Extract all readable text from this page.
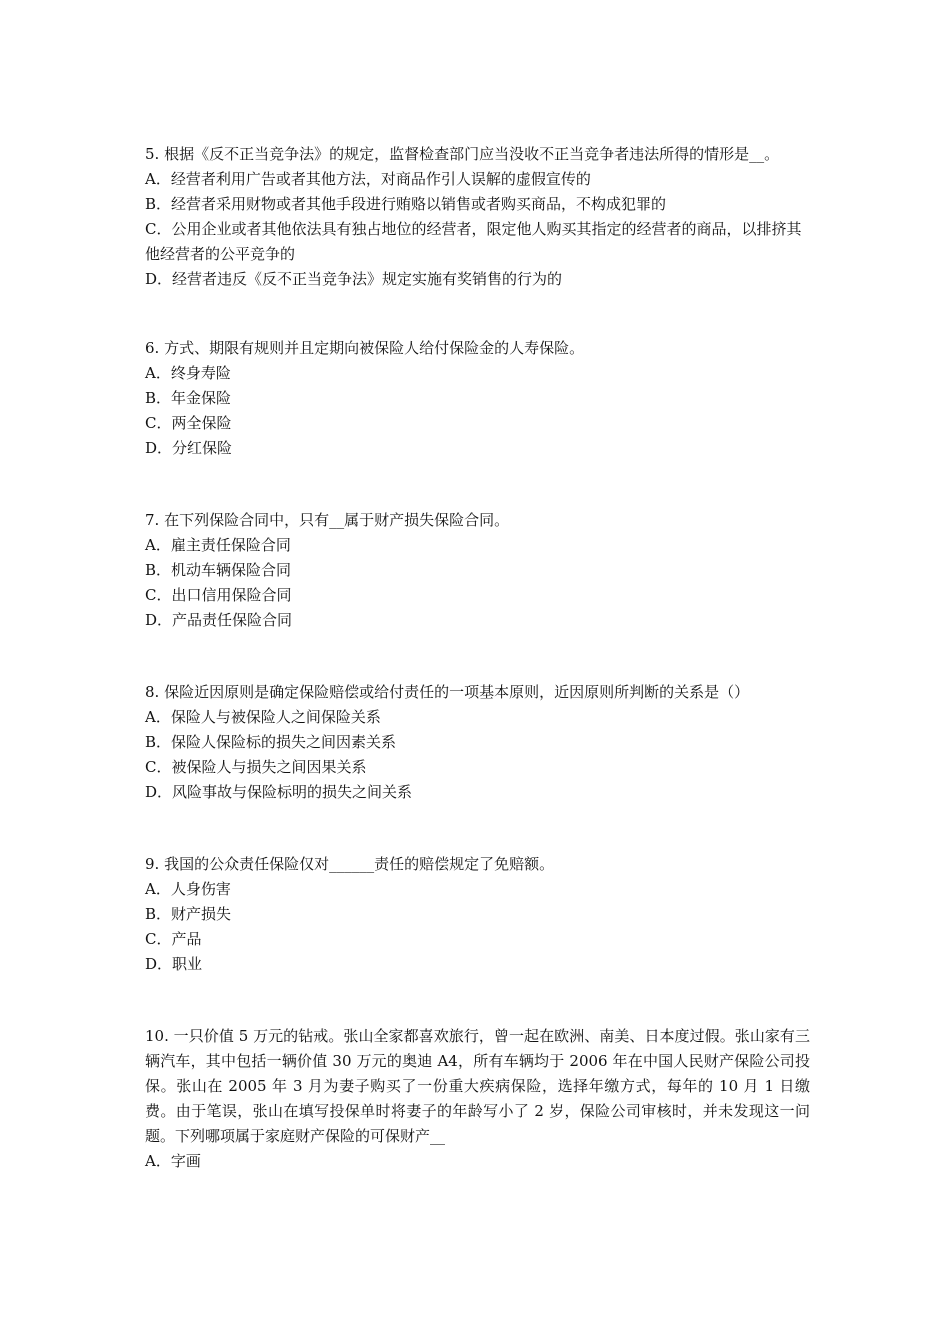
5. 根据《反不正当竞争法》的规定，监督检查部门应当没收不正当竞争者违法所得的情形是__。

A．经营者利用广告或者其他方法，对商品作引人误解的虚假宣传的

B．经营者采用财物或者其他手段进行贿赂以销售或者购买商品，不构成犯罪的

C．公用企业或者其他依法具有独占地位的经营者，限定他人购买其指定的经营者的商品，以排挤其他经营者的公平竞争的

D．经营者违反《反不正当竞争法》规定实施有奖销售的行为的

6. 方式、期限有规则并且定期向被保险人给付保险金的人寿保险。

A．终身寿险

B．年金保险

C．两全保险

D．分红保险

7. 在下列保险合同中，只有__属于财产损失保险合同。

A．雇主责任保险合同

B．机动车辆保险合同

C．出口信用保险合同

D．产品责任保险合同

8. 保险近因原则是确定保险赔偿或给付责任的一项基本原则，近因原则所判断的关系是（）

A．保险人与被保险人之间保险关系

B．保险人保险标的损失之间因素关系

C．被保险人与损失之间因果关系

D．风险事故与保险标明的损失之间关系

9. 我国的公众责任保险仅对______责任的赔偿规定了免赔额。

A．人身伤害

B．财产损失

C．产品

D．职业

10. 一只价值 5 万元的钻戒。张山全家都喜欢旅行，曾一起在欧洲、南美、日本度过假。张山家有三辆汽车，其中包括一辆价值 30 万元的奥迪 A4，所有车辆均于 2006 年在中国人民财产保险公司投保。张山在 2005 年 3 月为妻子购买了一份重大疾病保险，选择年缴方式，每年的 10 月 1 日缴费。由于笔误，张山在填写投保单时将妻子的年龄写小了 2 岁，保险公司审核时，并未发现这一问题。下列哪项属于家庭财产保险的可保财产__

A．字画
